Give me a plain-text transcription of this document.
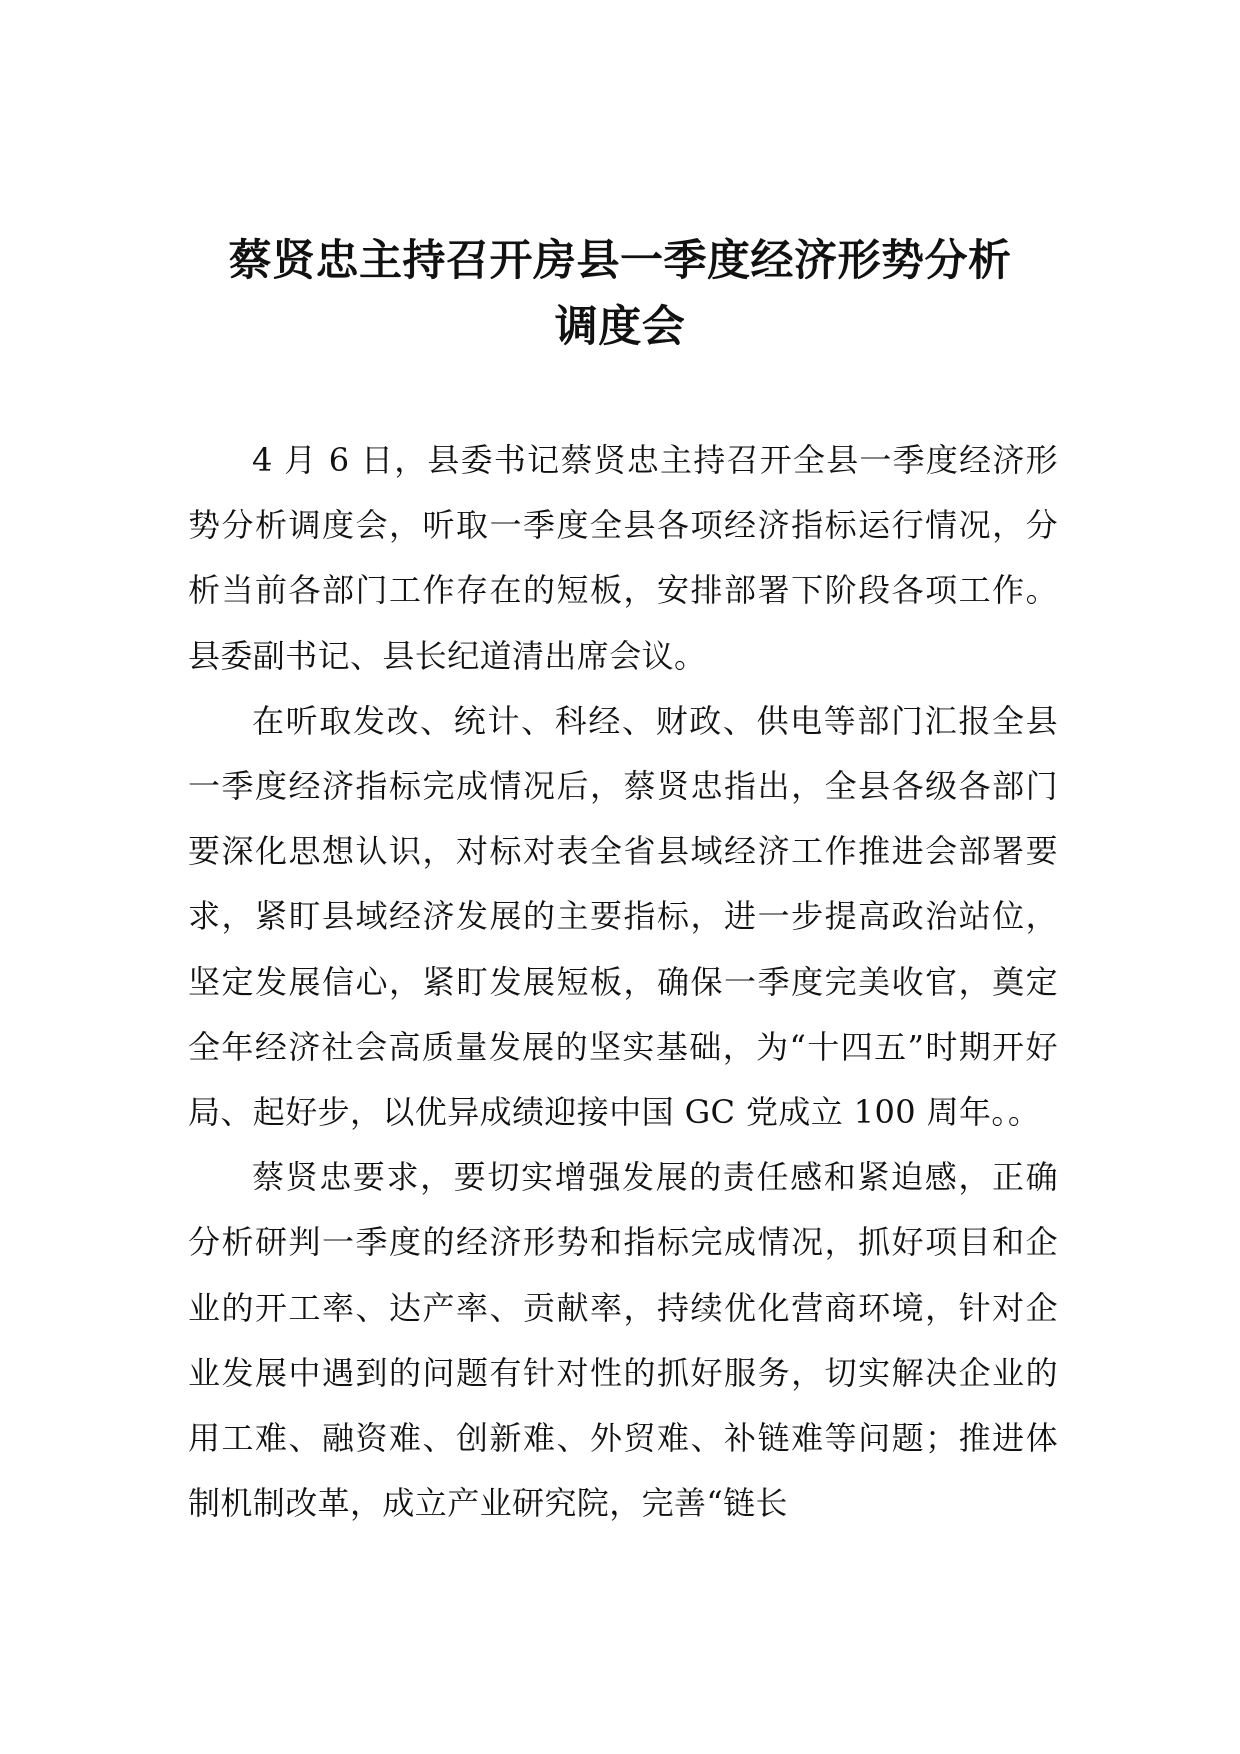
蔡贤忠主持召开房县一季度经济形势分析
调度会

4 月 6 日，县委书记蔡贤忠主持召开全县一季度经济形势分析调度会，听取一季度全县各项经济指标运行情况，分析当前各部门工作存在的短板，安排部署下阶段各项工作。县委副书记、县长纪道清出席会议。

在听取发改、统计、科经、财政、供电等部门汇报全县一季度经济指标完成情况后，蔡贤忠指出，全县各级各部门要深化思想认识，对标对表全省县域经济工作推进会部署要求，紧盯县域经济发展的主要指标，进一步提高政治站位，坚定发展信心，紧盯发展短板，确保一季度完美收官，奠定全年经济社会高质量发展的坚实基础，为“十四五”时期开好局、起好步，以优异成绩迎接中国 GC 党成立 100 周年。。

蔡贤忠要求，要切实增强发展的责任感和紧迫感，正确分析研判一季度的经济形势和指标完成情况，抓好项目和企业的开工率、达产率、贡献率，持续优化营商环境，针对企业发展中遇到的问题有针对性的抓好服务，切实解决企业的用工难、融资难、创新难、外贸难、补链难等问题；推进体制机制改革，成立产业研究院，完善“链长
